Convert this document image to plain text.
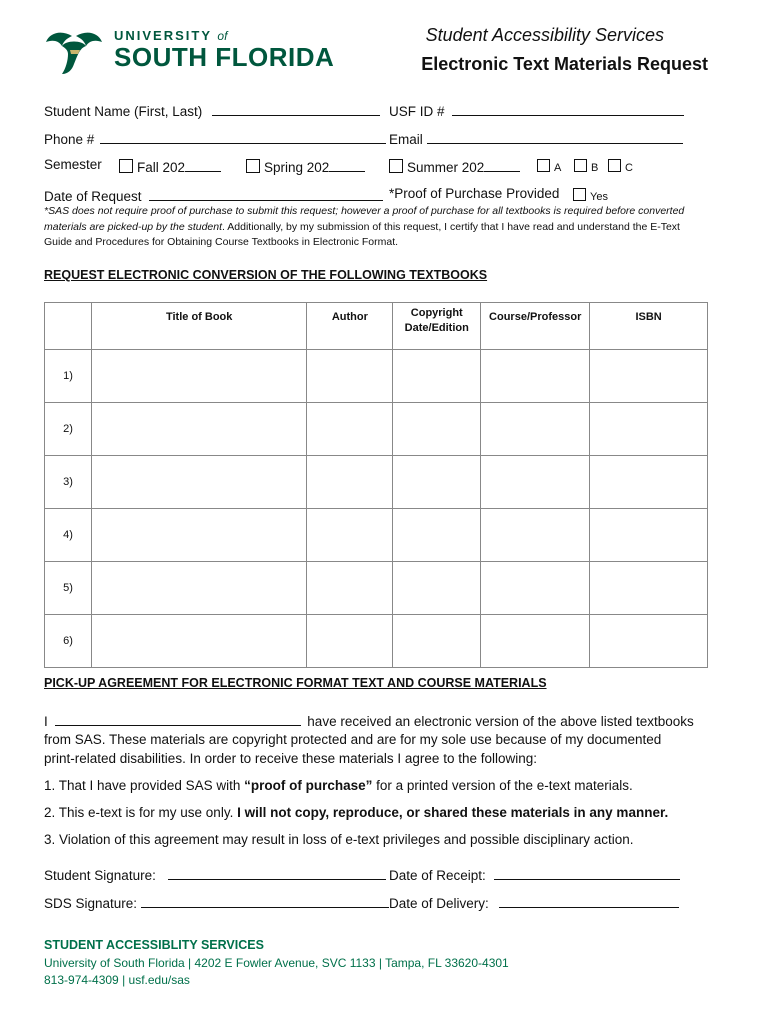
UNIVERSITY of
SOUTH FLORIDA
Student Accessibility Services
Electronic Text Materials Request
Student Name (First, Last)	USF ID #
Phone #	Email
Semester	Fall 202	Spring 202	Summer 202	A	B	C
Date of Request	*Proof of Purchase Provided	Yes
*SAS does not require proof of purchase to submit this request; however a proof of purchase for all textbooks is required before converted materials are picked-up by the student. Additionally, by my submission of this request, I certify that I have read and understand the E-Text Guide and Procedures for Obtaining Course Textbooks in Electronic Format.
REQUEST ELECTRONIC CONVERSION OF THE FOLLOWING TEXTBOOKS
	Title of Book	Author	Copyright
Date/Edition	Course/Professor	ISBN
1)					
2)					
3)					
4)					
5)					
6)					
PICK-UP AGREEMENT FOR ELECTRONIC FORMAT TEXT AND COURSE MATERIALS
I	have received an electronic version of the above listed textbooks
from SAS. These materials are copyright protected and are for my sole use because of my documented
print-related disabilities. In order to receive these materials I agree to the following:
1. That I have provided SAS with “proof of purchase” for a printed version of the e-text materials.
2. This e-text is for my use only. I will not copy, reproduce, or shared these materials in any manner.
3. Violation of this agreement may result in loss of e-text privileges and possible disciplinary action.
Student Signature:	Date of Receipt:
SDS Signature:	Date of Delivery:
STUDENT ACCESSIBLITY SERVICES
University of South Florida | 4202 E Fowler Avenue, SVC 1133 | Tampa, FL 33620-4301
813-974-4309 | usf.edu/sas
